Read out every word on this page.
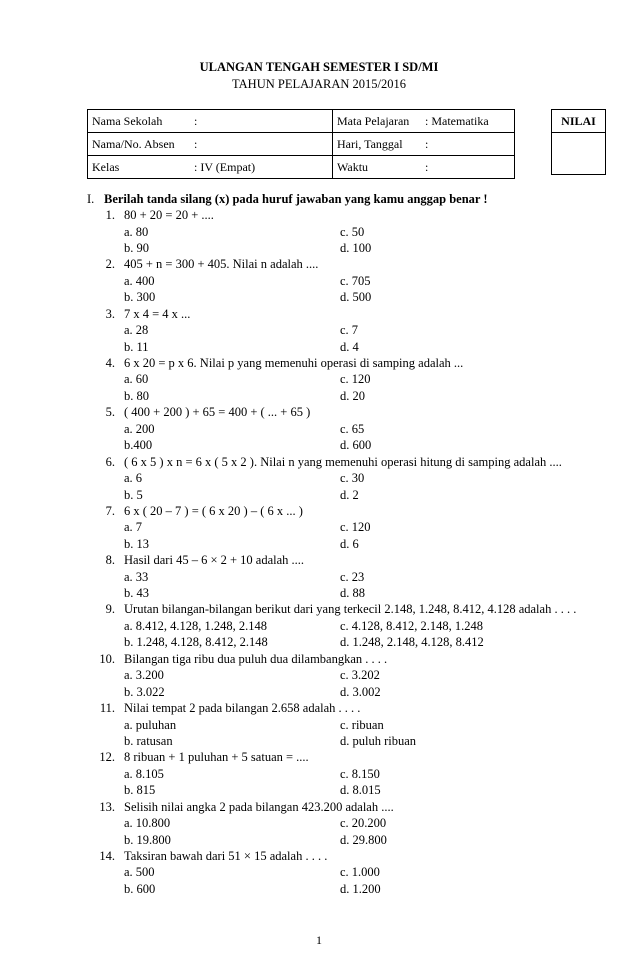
ULANGAN TENGAH SEMESTER I SD/MI
TAHUN PELAJARAN 2015/2016
Nama Sekolah :	Mata Pelajaran : Matematika
Nama/No. Absen :	Hari, Tanggal :
Kelas : IV (Empat)	Waktu :
NILAI
I. Berilah tanda silang (x) pada huruf jawaban yang kamu anggap benar !
1. 80 + 20 = 20 + ....
a. 80	c. 50
b. 90	d. 100
2. 405 + n = 300 + 405. Nilai n adalah ....
a. 400	c. 705
b. 300	d. 500
3. 7 x 4 = 4 x ...
a. 28	c. 7
b. 11	d. 4
4. 6 x 20 = p x 6. Nilai p yang memenuhi operasi di samping adalah ...
a. 60	c. 120
b. 80	d. 20
5. ( 400 + 200 ) + 65 = 400 + ( ... + 65 )
a. 200	c. 65
b.400	d. 600
6. ( 6 x 5 ) x n = 6 x ( 5 x 2 ). Nilai n yang memenuhi operasi hitung di samping adalah ....
a. 6	c. 30
b. 5	d. 2
7. 6 x ( 20 – 7 ) = ( 6 x 20 ) – ( 6 x ... )
a. 7	c. 120
b. 13	d. 6
8. Hasil dari 45 – 6 × 2 + 10 adalah ....
a. 33	c. 23
b. 43	d. 88
9. Urutan bilangan-bilangan berikut dari yang terkecil 2.148, 1.248, 8.412, 4.128 adalah . . . .
a. 8.412, 4.128, 1.248, 2.148	c. 4.128, 8.412, 2.148, 1.248
b. 1.248, 4.128, 8.412, 2.148	d. 1.248, 2.148, 4.128, 8.412
10. Bilangan tiga ribu dua puluh dua dilambangkan . . . .
a. 3.200	c. 3.202
b. 3.022	d. 3.002
11. Nilai tempat 2 pada bilangan 2.658 adalah . . . .
a. puluhan	c. ribuan
b. ratusan	d. puluh ribuan
12. 8 ribuan + 1 puluhan + 5 satuan = ....
a. 8.105	c. 8.150
b. 815	d. 8.015
13. Selisih nilai angka 2 pada bilangan 423.200 adalah ....
a. 10.800	c. 20.200
b. 19.800	d. 29.800
14. Taksiran bawah dari 51 × 15 adalah . . . .
a. 500	c. 1.000
b. 600	d. 1.200
1
